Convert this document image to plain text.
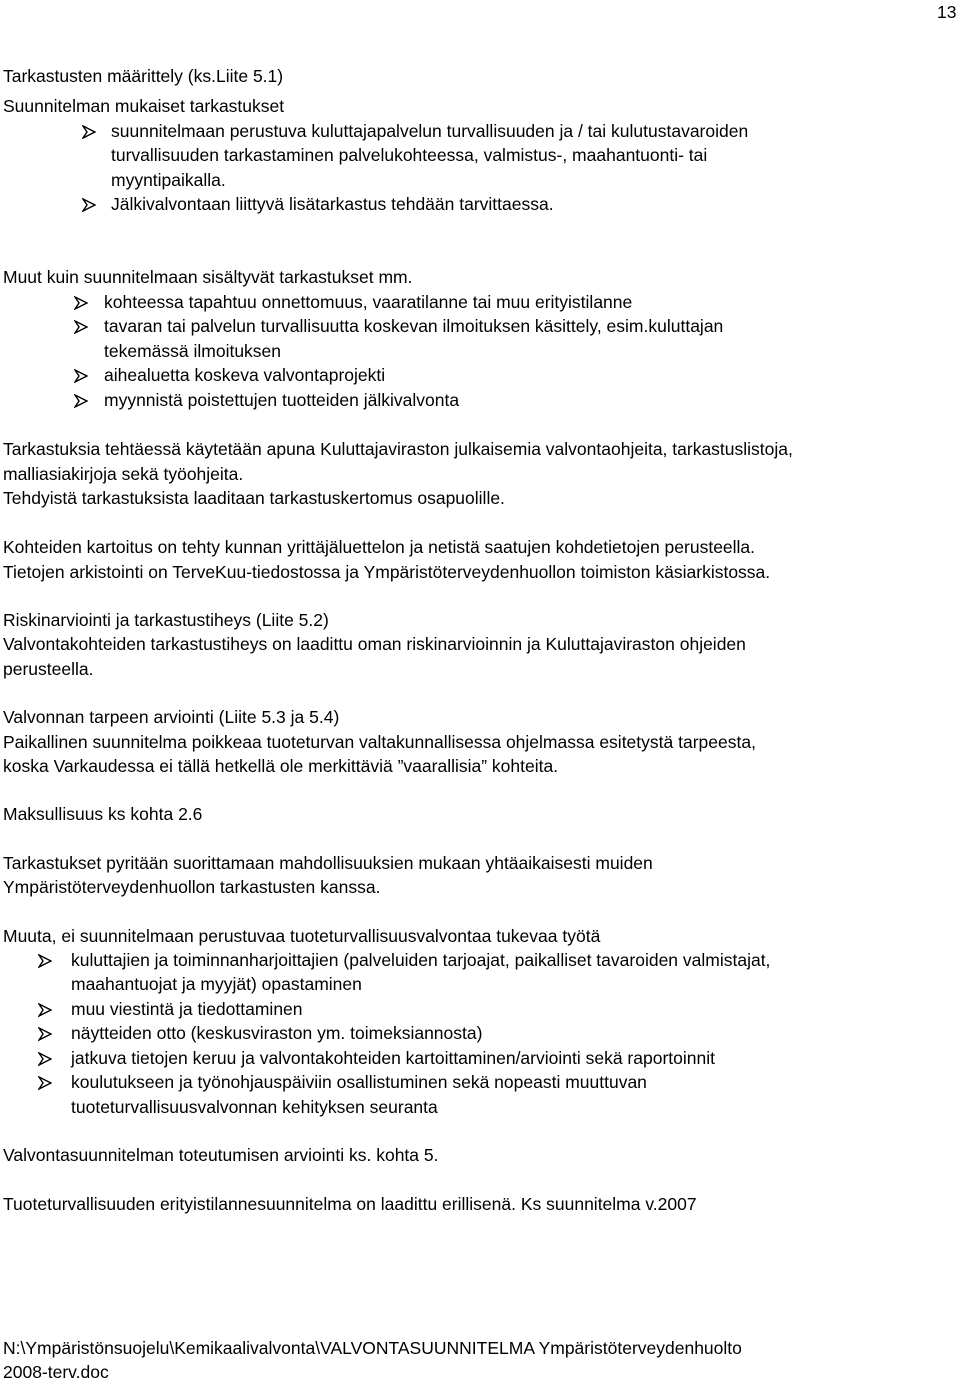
13
Tarkastusten määrittely (ks.Liite 5.1)
Suunnitelman mukaiset tarkastukset
suunnitelmaan perustuva kuluttajapalvelun turvallisuuden ja / tai kulutustavaroiden
turvallisuuden tarkastaminen palvelukohteessa, valmistus-, maahantuonti- tai
myyntipaikalla.
Jälkivalvontaan liittyvä lisätarkastus tehdään tarvittaessa.
Muut kuin suunnitelmaan sisältyvät tarkastukset mm.
kohteessa tapahtuu onnettomuus, vaaratilanne tai muu erityistilanne
tavaran tai palvelun turvallisuutta koskevan ilmoituksen käsittely, esim.kuluttajan
tekemässä ilmoituksen
aihealuetta koskeva valvontaprojekti
myynnistä poistettujen tuotteiden jälkivalvonta
Tarkastuksia tehtäessä käytetään apuna Kuluttajaviraston julkaisemia valvontaohjeita, tarkastuslistoja,
malliasiakirjoja sekä työohjeita.
Tehdyistä tarkastuksista laaditaan tarkastuskertomus osapuolille.
Kohteiden kartoitus on tehty kunnan yrittäjäluettelon ja netistä saatujen kohdetietojen perusteella.
Tietojen arkistointi on TerveKuu-tiedostossa ja Ympäristöterveydenhuollon toimiston käsiarkistossa.
Riskinarviointi ja tarkastustiheys (Liite 5.2)
Valvontakohteiden tarkastustiheys on laadittu oman riskinarvioinnin ja Kuluttajaviraston ohjeiden
perusteella.
Valvonnan tarpeen arviointi (Liite 5.3 ja 5.4)
Paikallinen suunnitelma poikkeaa tuoteturvan valtakunnallisessa ohjelmassa esitetystä tarpeesta,
koska Varkaudessa ei tällä hetkellä ole merkittäviä ”vaarallisia” kohteita.
Maksullisuus ks kohta 2.6
Tarkastukset pyritään suorittamaan mahdollisuuksien mukaan yhtäaikaisesti muiden
Ympäristöterveydenhuollon tarkastusten kanssa.
Muuta, ei suunnitelmaan perustuvaa tuoteturvallisuusvalvontaa tukevaa työtä
kuluttajien ja toiminnanharjoittajien (palveluiden tarjoajat, paikalliset tavaroiden valmistajat,
maahantuojat ja myyjät) opastaminen
muu viestintä ja tiedottaminen
näytteiden otto (keskusviraston ym. toimeksiannosta)
jatkuva tietojen keruu ja valvontakohteiden kartoittaminen/arviointi sekä raportoinnit
koulutukseen ja työnohjauspäiviin osallistuminen sekä nopeasti muuttuvan
tuoteturvallisuusvalvonnan kehityksen seuranta
Valvontasuunnitelman toteutumisen arviointi ks. kohta 5.
Tuoteturvallisuuden erityistilannesuunnitelma on laadittu erillisenä. Ks suunnitelma v.2007
N:\Ympäristönsuojelu\Kemikaalivalvonta\VALVONTASUUNNITELMA Ympäristöterveydenhuolto
2008-terv.doc
